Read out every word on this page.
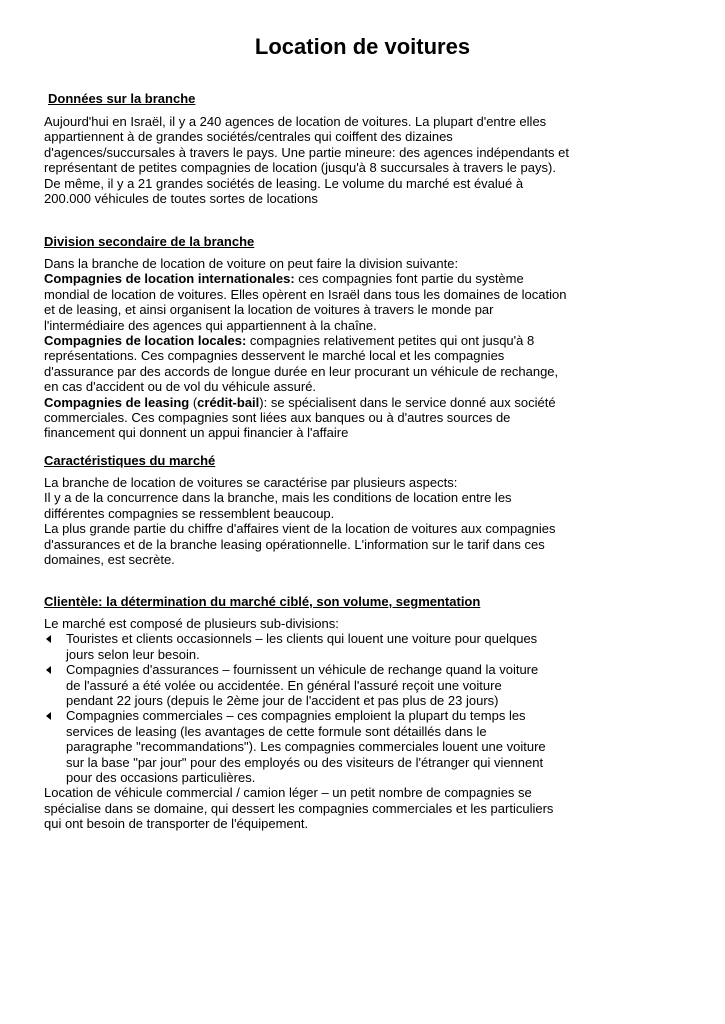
Location de voitures
Données sur la branche
Aujourd'hui en Israël, il y a 240 agences de location de voitures. La plupart d'entre elles
appartiennent à de grandes sociétés/centrales qui coiffent des dizaines
d'agences/succursales à travers le pays. Une partie mineure: des agences indépendants et
représentant de petites compagnies de location (jusqu'à 8 succursales à travers le pays).
De même, il y a 21 grandes sociétés de leasing. Le volume du marché est évalué à
200.000 véhicules de toutes sortes de locations
Division secondaire de la branche
Dans la branche de location de voiture on peut faire la division suivante:
Compagnies de location internationales: ces compagnies font partie du système
mondial de location de voitures. Elles opèrent en Israël dans tous les domaines de location
et de leasing, et ainsi organisent la location de voitures à travers le monde par
l'intermédiaire des agences qui appartiennent à la chaîne.
Compagnies de location locales: compagnies relativement petites qui ont jusqu'à 8
représentations. Ces compagnies desservent le marché local et les compagnies
d'assurance par des accords de longue durée en leur procurant un véhicule de rechange,
en cas d'accident ou de vol du véhicule assuré.
Compagnies de leasing (crédit-bail): se spécialisent dans le service donné aux société
commerciales. Ces compagnies sont liées aux banques ou à d'autres sources de
financement qui donnent un appui financier à l'affaire
Caractéristiques du marché
La branche de location de voitures se caractérise par plusieurs aspects:
Il y a de la concurrence dans la branche, mais les conditions de location entre les
différentes compagnies se ressemblent beaucoup.
La plus grande partie du chiffre d'affaires vient de la location de voitures aux compagnies
d'assurances et de la branche leasing opérationnelle. L'information sur le tarif dans ces
domaines, est secrète.
Clientèle: la détermination du marché ciblé, son volume, segmentation
Le marché est composé de plusieurs sub-divisions:
Touristes et clients occasionnels – les clients qui louent une voiture pour quelques
jours selon leur besoin.
Compagnies d'assurances – fournissent un véhicule de rechange quand la voiture
de l'assuré a été volée ou accidentée. En général l'assuré reçoit une voiture
pendant 22 jours (depuis le 2ème jour de l'accident et pas plus de 23 jours)
Compagnies commerciales – ces compagnies emploient la plupart du temps les
services de leasing (les avantages de cette formule sont détaillés dans le
paragraphe "recommandations"). Les compagnies commerciales louent une voiture
sur la base "par jour" pour des employés ou des visiteurs de l'étranger qui viennent
pour des occasions particulières.
Location de véhicule commercial / camion léger – un petit nombre de compagnies se
spécialise dans se domaine, qui dessert les compagnies commerciales et les particuliers
qui ont besoin de transporter de l'équipement.
